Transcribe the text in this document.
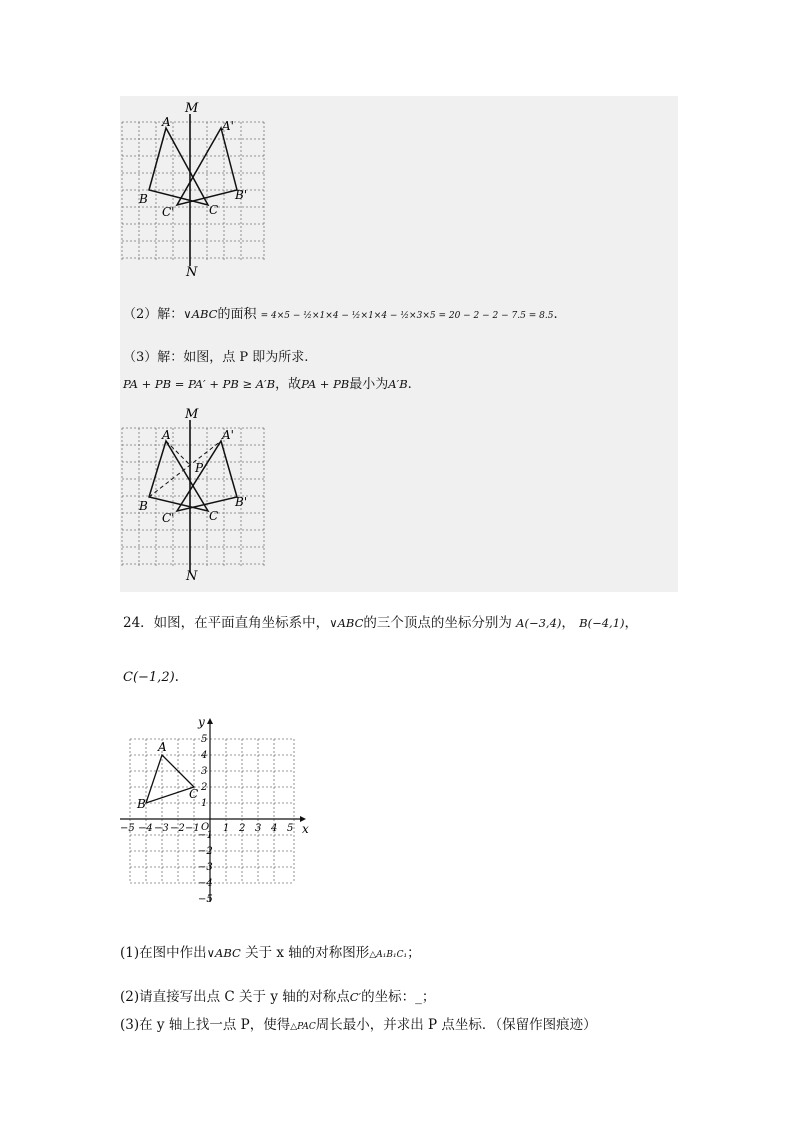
M
N
A	A'
B	B'
C
C'
（2）解：∨ABC的面积 = 4×5 − ½×1×4 − ½×1×4 − ½×3×5 = 20 − 2 − 2 − 7.5 = 8.5.
（3）解：如图，点 P 即为所求.
PA + PB = PA′ + PB ≥ A′B，故PA + PB最小为A′B.
M
N
A	A'
P
B	B'
C
C'
24．如图，在平面直角坐标系中，∨ABC的三个顶点的坐标分别为 A(−3,4)， B(−4,1)，
C(−1,2).
x
y
O
−5 −4 −3 −2 −1 1 2 3 4 5
5
4
3
2
1
−1
−2
−3
−4
−5
A
B
C
(1)在图中作出∨ABC 关于 x 轴的对称图形△A₁B₁C₁；
(2)请直接写出点 C 关于 y 轴的对称点C′的坐标：_；
(3)在 y 轴上找一点 P，使得△PAC周长最小，并求出 P 点坐标．（保留作图痕迹）
